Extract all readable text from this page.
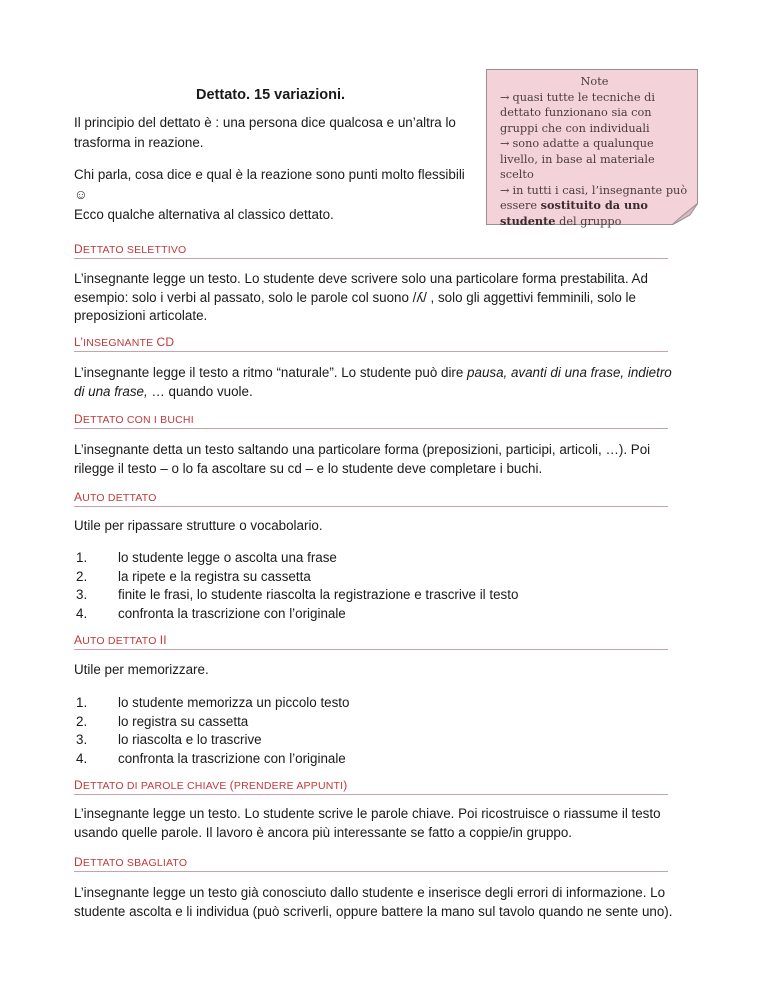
Dettato. 15 variazioni.

Il principio del dettato è : una persona dice qualcosa e un’altra lo trasforma in reazione.

Chi parla, cosa dice e qual è la reazione sono punti molto flessibili ☺
Ecco qualche alternativa al classico dettato.

Note
→ quasi tutte le tecniche di dettato funzionano sia con gruppi che con individuali
→ sono adatte a qualunque livello, in base al materiale scelto
→ in tutti i casi, l’insegnante può essere sostituito da uno studente del gruppo
DETTATO SELETTIVO

L’insegnante legge un testo. Lo studente deve scrivere solo una particolare forma prestabilita. Ad esempio: solo i verbi al passato, solo le parole col suono /ʎ/ , solo gli aggettivi femminili, solo le preposizioni articolate.

L’INSEGNANTE CD

L’insegnante legge il testo a ritmo “naturale”. Lo studente può dire pausa, avanti di una frase, indietro di una frase, … quando vuole.

DETTATO CON I BUCHI

L’insegnante detta un testo saltando una particolare forma (preposizioni, participi, articoli, …). Poi rilegge il testo – o lo fa ascoltare su cd – e lo studente deve completare i buchi.

AUTO DETTATO

Utile per ripassare strutture o vocabolario.

1.	lo studente legge o ascolta una frase
2.	la ripete e la registra su cassetta
3.	finite le frasi, lo studente riascolta la registrazione e trascrive il testo
4.	confronta la trascrizione con l’originale
AUTO DETTATO II

Utile per memorizzare.

1.	lo studente memorizza un piccolo testo
2.	lo registra su cassetta
3.	lo riascolta e lo trascrive
4.	confronta la trascrizione con l’originale
DETTATO DI PAROLE CHIAVE (PRENDERE APPUNTI)

L’insegnante legge un testo. Lo studente scrive le parole chiave. Poi ricostruisce o riassume il testo usando quelle parole. Il lavoro è ancora più interessante se fatto a coppie/in gruppo.

DETTATO SBAGLIATO

L’insegnante legge un testo già conosciuto dallo studente e inserisce degli errori di informazione. Lo studente ascolta e li individua (può scriverli, oppure battere la mano sul tavolo quando ne sente uno).
